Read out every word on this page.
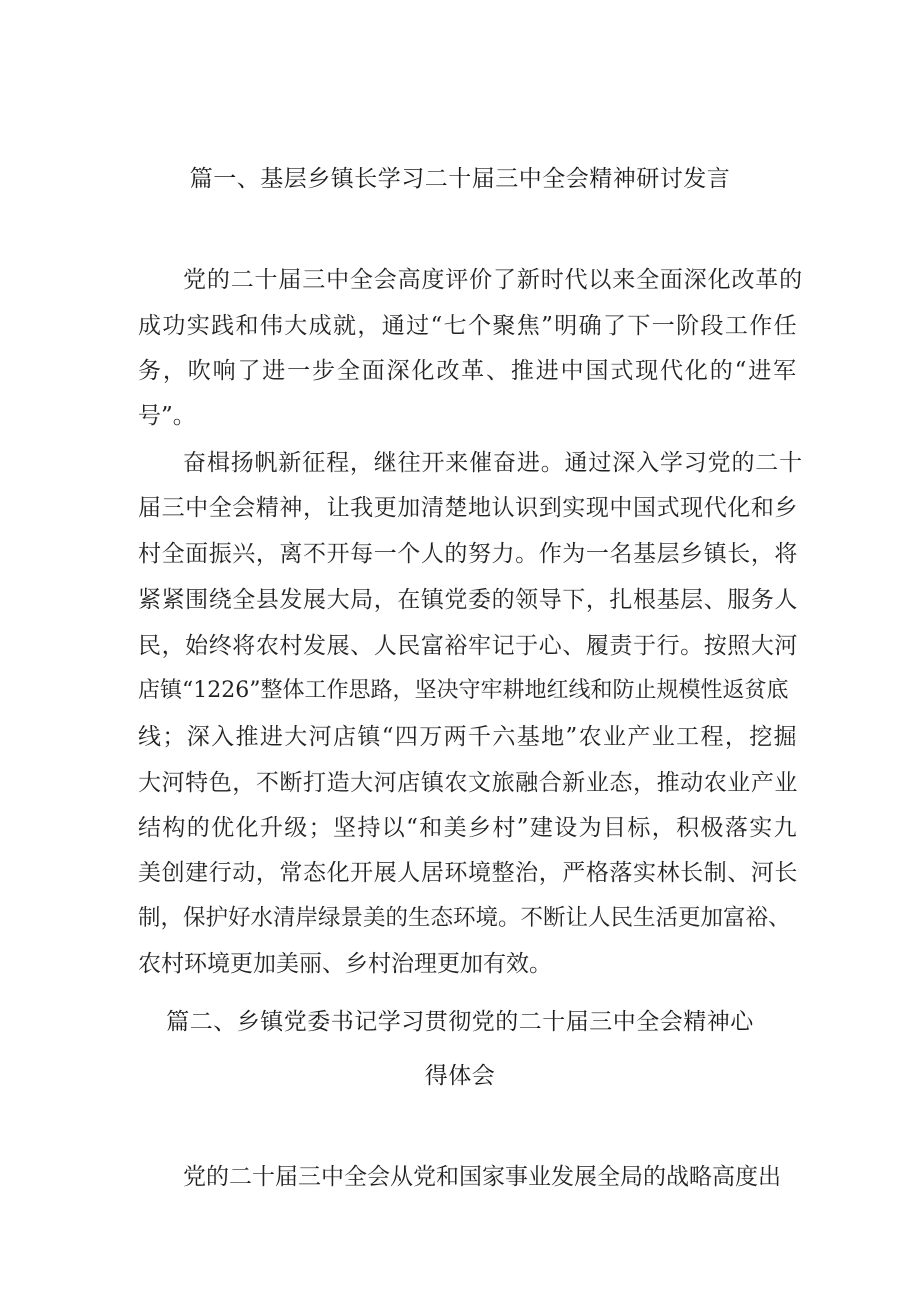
篇一、基层乡镇长学习二十届三中全会精神研讨发言
党的二十届三中全会高度评价了新时代以来全面深化改革的
成功实践和伟大成就，通过“七个聚焦”明确了下一阶段工作任
务，吹响了进一步全面深化改革、推进中国式现代化的“进军
号”。
奋楫扬帆新征程，继往开来催奋进。通过深入学习党的二十
届三中全会精神，让我更加清楚地认识到实现中国式现代化和乡
村全面振兴，离不开每一个人的努力。作为一名基层乡镇长，将
紧紧围绕全县发展大局，在镇党委的领导下，扎根基层、服务人
民，始终将农村发展、人民富裕牢记于心、履责于行。按照大河
店镇“1226”整体工作思路，坚决守牢耕地红线和防止规模性返贫底
线；深入推进大河店镇“四万两千六基地”农业产业工程，挖掘
大河特色，不断打造大河店镇农文旅融合新业态，推动农业产业
结构的优化升级；坚持以“和美乡村”建设为目标，积极落实九
美创建行动，常态化开展人居环境整治，严格落实林长制、河长
制，保护好水清岸绿景美的生态环境。不断让人民生活更加富裕、
农村环境更加美丽、乡村治理更加有效。
篇二、乡镇党委书记学习贯彻党的二十届三中全会精神心
得体会
党的二十届三中全会从党和国家事业发展全局的战略高度出
